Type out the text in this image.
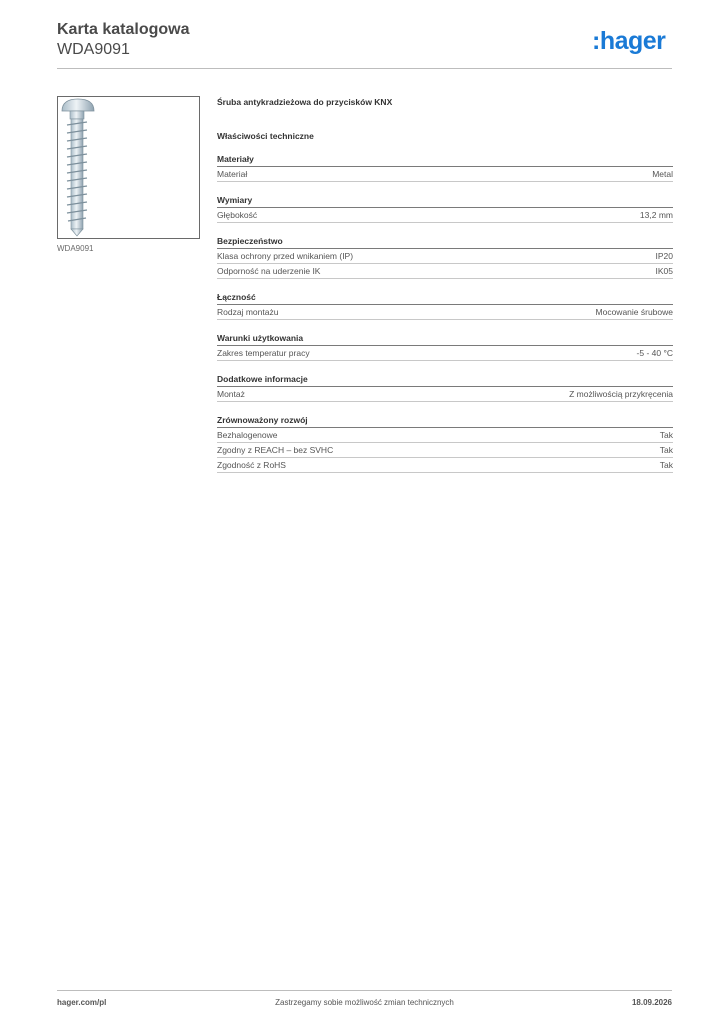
Karta katalogowa
WDA9091	:hager
WDA9091
Śruba antykradzieżowa do przycisków KNX
Właściwości techniczne
Materiały
Materiał	Metal
Wymiary
Głębokość	13,2 mm
Bezpieczeństwo
Klasa ochrony przed wnikaniem (IP)	IP20
Odporność na uderzenie IK	IK05
Łączność
Rodzaj montażu	Mocowanie śrubowe
Warunki użytkowania
Zakres temperatur pracy	-5 - 40 °C
Dodatkowe informacje
Montaż	Z możliwością przykręcenia
Zrównoważony rozwój
Bezhalogenowe	Tak
Zgodny z REACH – bez SVHC	Tak
Zgodność z RoHS	Tak
hager.com/pl	Zastrzegamy sobie możliwość zmian technicznych	18.09.2026
